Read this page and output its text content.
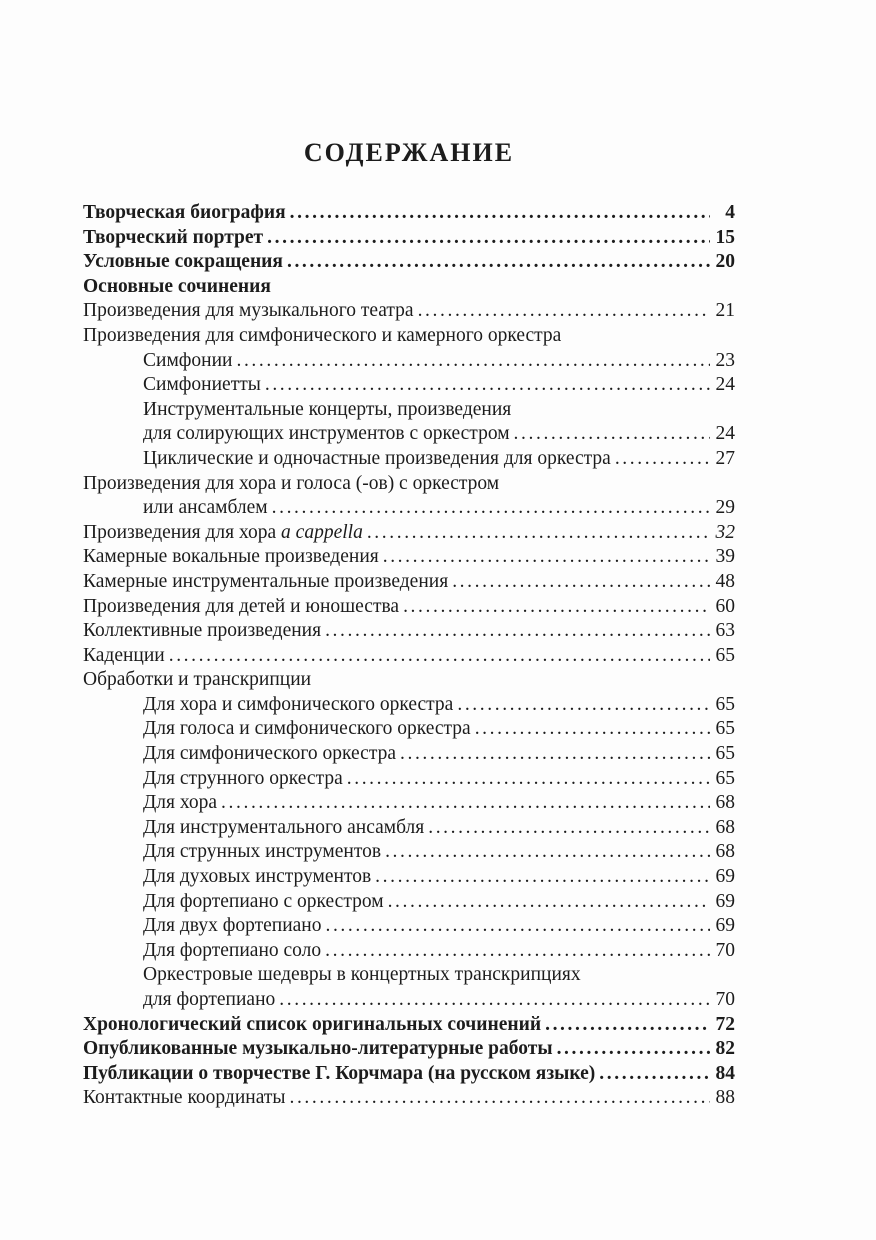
СОДЕРЖАНИЕ
Творческая биография .....	4
Творческий портрет .....	15
Условные сокращения .....	20
Основные сочинения
Произведения для музыкального театра .....	21
Произведения для симфонического и камерного оркестра
Симфонии .....	23
Симфониетты .....	24
Инструментальные концерты, произведения
для солирующих инструментов с оркестром .....	24
Циклические и одночастные произведения для оркестра .....	27
Произведения для хора и голоса (-ов) с оркестром
или ансамблем .....	29
Произведения для хора a cappella .....	32
Камерные вокальные произведения .....	39
Камерные инструментальные произведения .....	48
Произведения для детей и юношества .....	60
Коллективные произведения .....	63
Каденции .....	65
Обработки и транскрипции
Для хора и симфонического оркестра .....	65
Для голоса и симфонического оркестра .....	65
Для симфонического оркестра .....	65
Для струнного оркестра .....	65
Для хора .....	68
Для инструментального ансамбля .....	68
Для струнных инструментов .....	68
Для духовых инструментов .....	69
Для фортепиано с оркестром .....	69
Для двух фортепиано .....	69
Для фортепиано соло .....	70
Оркестровые шедевры в концертных транскрипциях
для фортепиано .....	70
Хронологический список оригинальных сочинений .....	72
Опубликованные музыкально-литературные работы .....	82
Публикации о творчестве Г. Корчмара (на русском языке) .....	84
Контактные координаты .....	88
